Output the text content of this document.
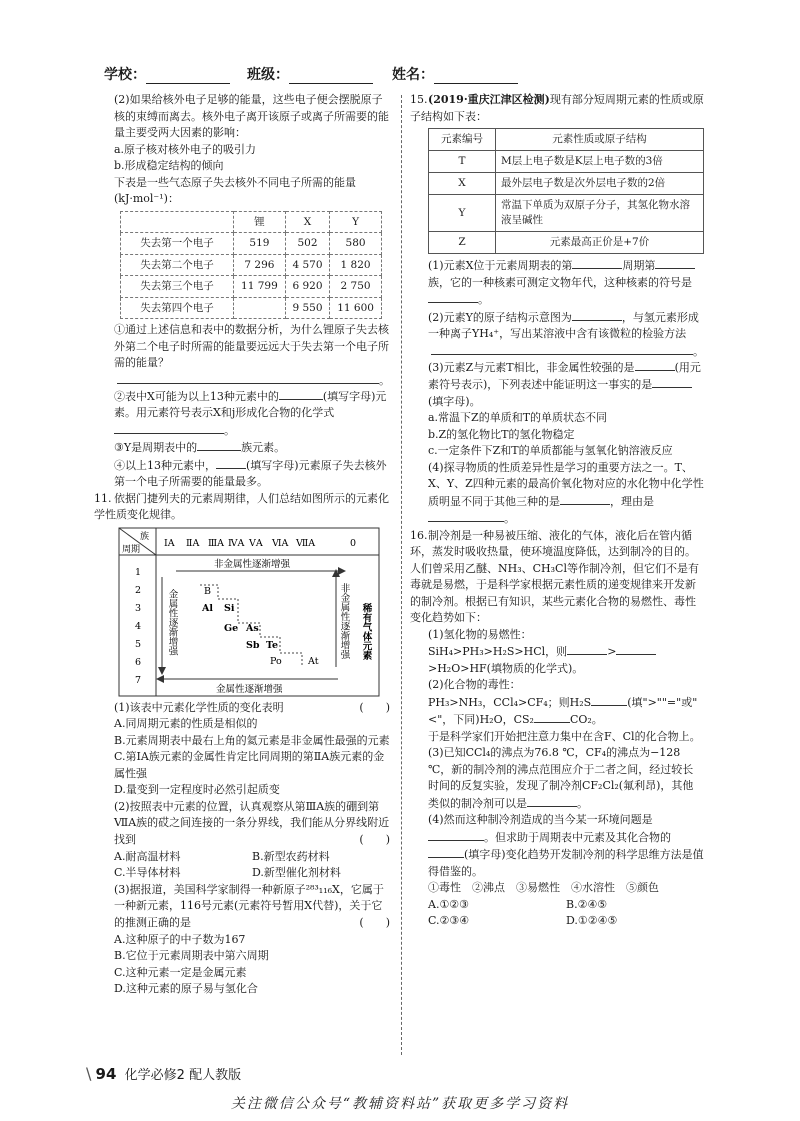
学校：	班级：	姓名：

(2)如果给核外电子足够的能量，这些电子便会摆脱原子核的束缚而离去。核外电子离开该原子或离子所需要的能量主要受两大因素的影响：

a.原子核对核外电子的吸引力

b.形成稳定结构的倾向

下表是一些气态原子失去核外不同电子所需的能量(kJ·mol⁻¹)：

	锂	X	Y
失去第一个电子	519	502	580
失去第二个电子	7 296	4 570	1 820
失去第三个电子	11 799	6 920	2 750
失去第四个电子		9 550	11 600

①通过上述信息和表中的数据分析，为什么锂原子失去核外第二个电子时所需的能量要远远大于失去第一个电子所需的能量？

。

②表中X可能为以上13种元素中的	(填写字母)元素。用元素符号表示X和j形成化合物的化学式。

③Y是周期表中的	族元素。

④以上13种元素中，	(填写字母)元素原子失去核外第一个电子所需要的能量最多。

11. 依据门捷列夫的元素周期律，人们总结如图所示的元素化学性质变化规律。

族
周期
ⅠA ⅡA ⅢA ⅣA ⅤA ⅥA ⅦA	0
1
2
3
4
5
6
7
非金属性逐渐增强
金属性逐渐增强
金属性逐渐增强	非金属性逐渐增强 稀有气体元素
B
Al Si
Ge As
Sb Te
Po	At

(1)该表中元素化学性质的变化表明	(　　)

A.同周期元素的性质是相似的

B.元素周期表中最右上角的氦元素是非金属性最强的元素

C.第ⅠA族元素的金属性肯定比同周期的第ⅡA族元素的金属性强

D.量变到一定程度时必然引起质变

(2)按照表中元素的位置，认真观察从第ⅢA族的硼到第ⅦA族的砹之间连接的一条分界线，我们能从分界线附近找到	(　　)

A.耐高温材料	B.新型农药材料

C.半导体材料	D.新型催化剂材料

(3)据报道，美国科学家制得一种新原子²⁸³₁₁₆X，它属于一种新元素，116号元素(元素符号暂用X代替)，关于它的推测正确的是	(　　)

A.这种原子的中子数为167

B.它位于元素周期表中第六周期

C.这种元素一定是金属元素

D.这种元素的原子易与氢化合

15.(2019·重庆江津区检测)现有部分短周期元素的性质或原子结构如下表：

元素编号	元素性质或原子结构
T	M层上电子数是K层上电子数的3倍
X	最外层电子数是次外层电子数的2倍
Y	常温下单质为双原子分子，其氢化物水溶液呈碱性
Z	元素最高正价是+7价

(1)元素X位于元素周期表的第	周期第族，它的一种核素可测定文物年代，这种核素的符号是。

(2)元素Y的原子结构示意图为	，与氢元素形成一种离子YH₄⁺，写出某溶液中含有该微粒的检验方法

。

(3)元素Z与元素T相比，非金属性较强的是	(用元素符号表示)，下列表述中能证明这一事实的是(填字母)。

a.常温下Z的单质和T的单质状态不同

b.Z的氢化物比T的氢化物稳定

c.一定条件下Z和T的单质都能与氢氧化钠溶液反应

(4)探寻物质的性质差异性是学习的重要方法之一。T、X、Y、Z四种元素的最高价氧化物对应的水化物中化学性质明显不同于其他三种的是	，理由是。

16.制冷剂是一种易被压缩、液化的气体，液化后在管内循环，蒸发时吸收热量，使环境温度降低，达到制冷的目的。人们曾采用乙醚、NH₃、CH₃Cl等作制冷剂，但它们不是有毒就是易燃，于是科学家根据元素性质的递变规律来开发新的制冷剂。根据已有知识，某些元素化合物的易燃性、毒性变化趋势如下：

(1)氢化物的易燃性：

SiH₄>PH₃>H₂S>HCl，则	>>H₂O>HF(填物质的化学式)。

(2)化合物的毒性：

PH₃>NH₃，CCl₄>CF₄；则H₂S	(填">""="或"<"，下同)H₂O，CS₂	CO₂。

于是科学家们开始把注意力集中在含F、Cl的化合物上。

(3)已知CCl₄的沸点为76.8 ℃，CF₄的沸点为−128 ℃，新的制冷剂的沸点范围应介于二者之间，经过较长时间的反复实验，发现了制冷剂CF₂Cl₂(氟利昂)，其他类似的制冷剂可以是	。

(4)然而这种制冷剂造成的当今某一环境问题是。但求助于周期表中元素及其化合物的(填字母)变化趋势开发制冷剂的科学思维方法是值得借鉴的。

①毒性　②沸点　③易燃性　④水溶性　⑤颜色

A.①②③	B.②④⑤

C.②③④	D.①②④⑤

\ 94 化学必修2 配人教版
关注微信公众号“教辅资料站”获取更多学习资料
